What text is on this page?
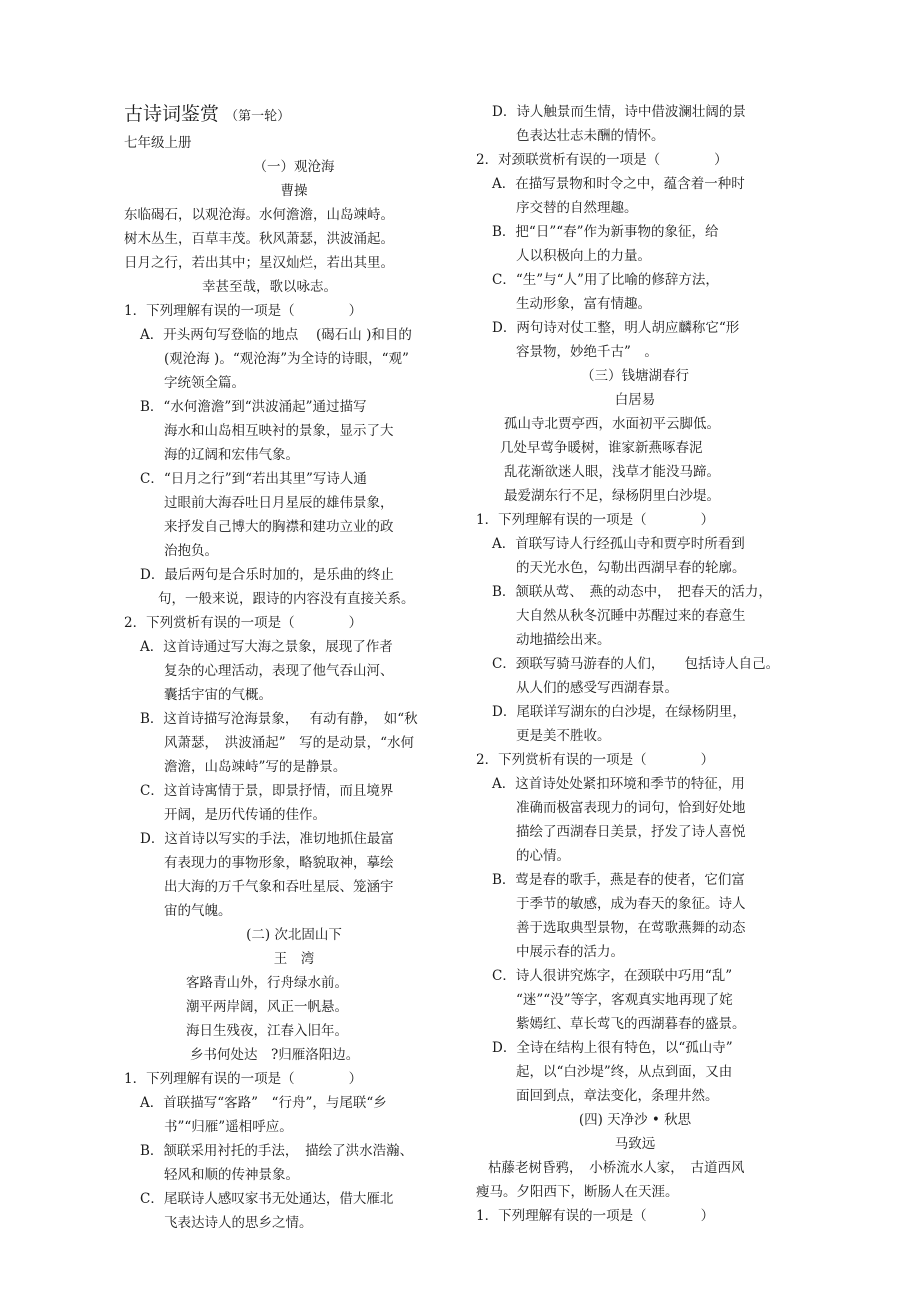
古诗词鉴赏 （第一轮）
七年级上册
（一）观沧海
曹操
东临碣石，以观沧海。水何澹澹，山岛竦峙。
树木丛生，百草丰茂。秋风萧瑟，洪波涌起。
日月之行，若出其中；星汉灿烂，若出其里。
幸甚至哉，歌以咏志。
1．下列理解有误的一项是（　　　　）
A．开头两句写登临的地点　 (碣石山 )和目的
(观沧海 )。“观沧海”为全诗的诗眼，“观”
字统领全篇。
B．“水何澹澹”到“洪波涌起”通过描写
海水和山岛相互映衬的景象，显示了大
海的辽阔和宏伟气象。
C．“日月之行”到“若出其里”写诗人通
过眼前大海吞吐日月星辰的雄伟景象，
来抒发自己博大的胸襟和建功立业的政
治抱负。
D．最后两句是合乐时加的，是乐曲的终止
句，一般来说，跟诗的内容没有直接关系。
2．下列赏析有误的一项是（　　　　）
A．这首诗通过写大海之景象，展现了作者
复杂的心理活动，表现了他气吞山河、
囊括宇宙的气概。
B．这首诗描写沧海景象，　 有动有静，　如“秋
风萧瑟，　洪波涌起”　写的是动景，“水何
澹澹，山岛竦峙”写的是静景。
C．这首诗寓情于景，即景抒情，而且境界
开阔，是历代传诵的佳作。
D．这首诗以写实的手法，准切地抓住最富
有表现力的事物形象，略貌取神，摹绘
出大海的万千气象和吞吐星辰、笼涵宇
宙的气魄。
(二) 次北固山下
王　湾
客路青山外，行舟绿水前。
潮平两岸阔，风正一帆悬。
海日生残夜，江春入旧年。
乡书何处达　?归雁洛阳边。
1．下列理解有误的一项是（　　　　）
A．首联描写“客路”　“行舟”，与尾联“乡
书”“归雁”遥相呼应。
B．颔联采用衬托的手法，　描绘了洪水浩瀚、
轻风和顺的传神景象。
C．尾联诗人感叹家书无处通达，借大雁北
飞表达诗人的思乡之情。
D．诗人触景而生情，诗中借波澜壮阔的景
色表达壮志未酬的情怀。
2．对颈联赏析有误的一项是（　　　　）
A．在描写景物和时令之中，蕴含着一种时
序交替的自然理趣。
B．把“日”“春”作为新事物的象征，给
人以积极向上的力量。
C．“生”与“人”用了比喻的修辞方法，
生动形象，富有情趣。
D．两句诗对仗工整，明人胡应麟称它“形
容景物，妙绝千古”　。
（三）钱塘湖春行
白居易
孤山寺北贾亭西，水面初平云脚低。
几处早莺争暖树，谁家新燕啄春泥
乱花渐欲迷人眼，浅草才能没马蹄。
最爱湖东行不足，绿杨阴里白沙堤。
1．下列理解有误的一项是（　　　　）
A．首联写诗人行经孤山寺和贾亭时所看到
的天光水色，勾勒出西湖早春的轮廓。
B．颔联从莺、　燕的动态中，　把春天的活力，
大自然从秋冬沉睡中苏醒过来的春意生
动地描绘出来。
C．颈联写骑马游春的人们，　　包括诗人自己。
从人们的感受写西湖春景。
D．尾联详写湖东的白沙堤，在绿杨阴里，
更是美不胜收。
2．下列赏析有误的一项是（　　　　）
A．这首诗处处紧扣环境和季节的特征，用
准确而极富表现力的词句，恰到好处地
描绘了西湖春日美景，抒发了诗人喜悦
的心情。
B．莺是春的歌手，燕是春的使者，它们富
于季节的敏感，成为春天的象征。诗人
善于选取典型景物，在莺歌燕舞的动态
中展示春的活力。
C．诗人很讲究炼字，在颈联中巧用“乱”
“迷”“没”等字，客观真实地再现了姹
紫嫣红、草长莺飞的西湖暮春的盛景。
D．全诗在结构上很有特色，以“孤山寺”
起，以“白沙堤”终，从点到面，又由
面回到点，章法变化，条理井然。
(四) 天净沙 • 秋思
马致远
枯藤老树昏鸦，　小桥流水人家，　古道西风
瘦马。夕阳西下，断肠人在天涯。
1．下列理解有误的一项是（　　　　）
